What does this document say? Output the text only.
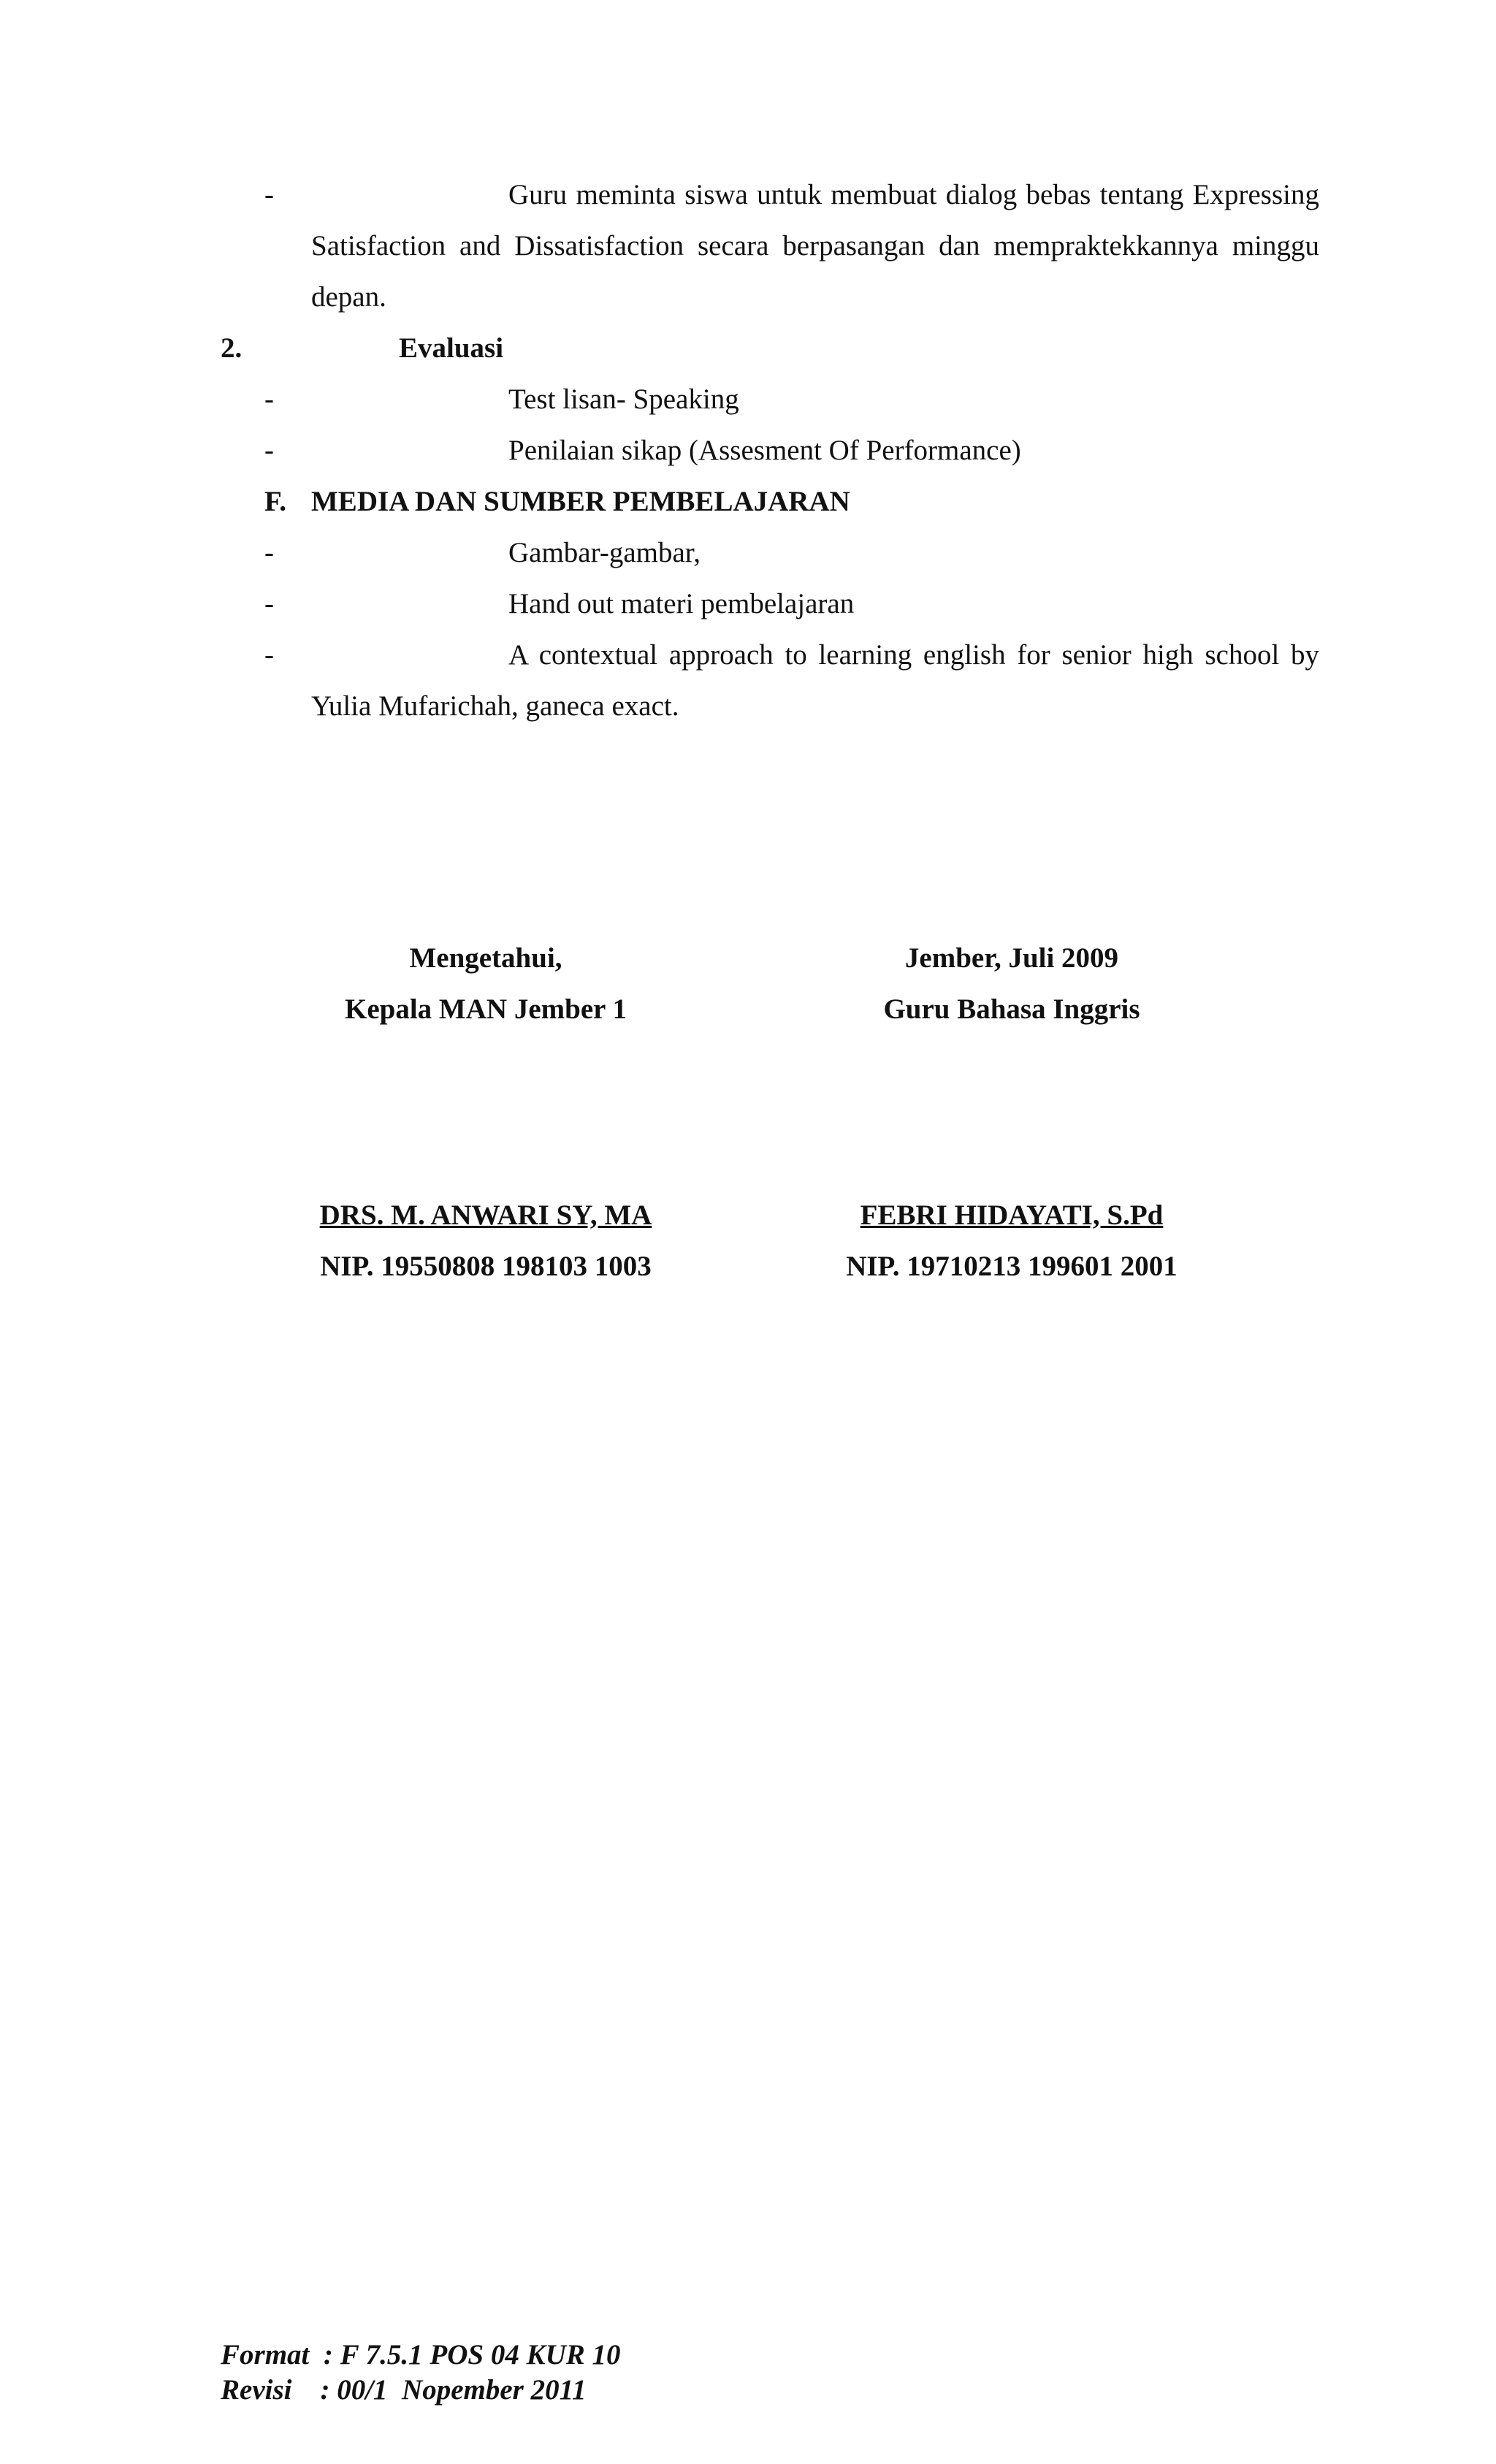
-	Guru meminta siswa untuk membuat dialog bebas tentang Expressing Satisfaction and Dissatisfaction secara berpasangan dan mempraktekkannya minggu depan.
2.	Evaluasi
-	Test lisan- Speaking
-	Penilaian sikap (Assesment Of Performance)
F. MEDIA DAN SUMBER PEMBELAJARAN
-	Gambar-gambar,
-	Hand out materi pembelajaran
-	A contextual approach to learning english for senior high school by Yulia Mufarichah, ganeca exact.
Mengetahui,
Kepala MAN Jember 1
DRS. M. ANWARI SY, MA
NIP. 19550808 198103 1003
Jember, Juli 2009
Guru Bahasa Inggris
FEBRI HIDAYATI, S.Pd
NIP. 19710213 199601 2001
Format  : F 7.5.1 POS 04 KUR 10
Revisi    : 00/1  Nopember 2011
